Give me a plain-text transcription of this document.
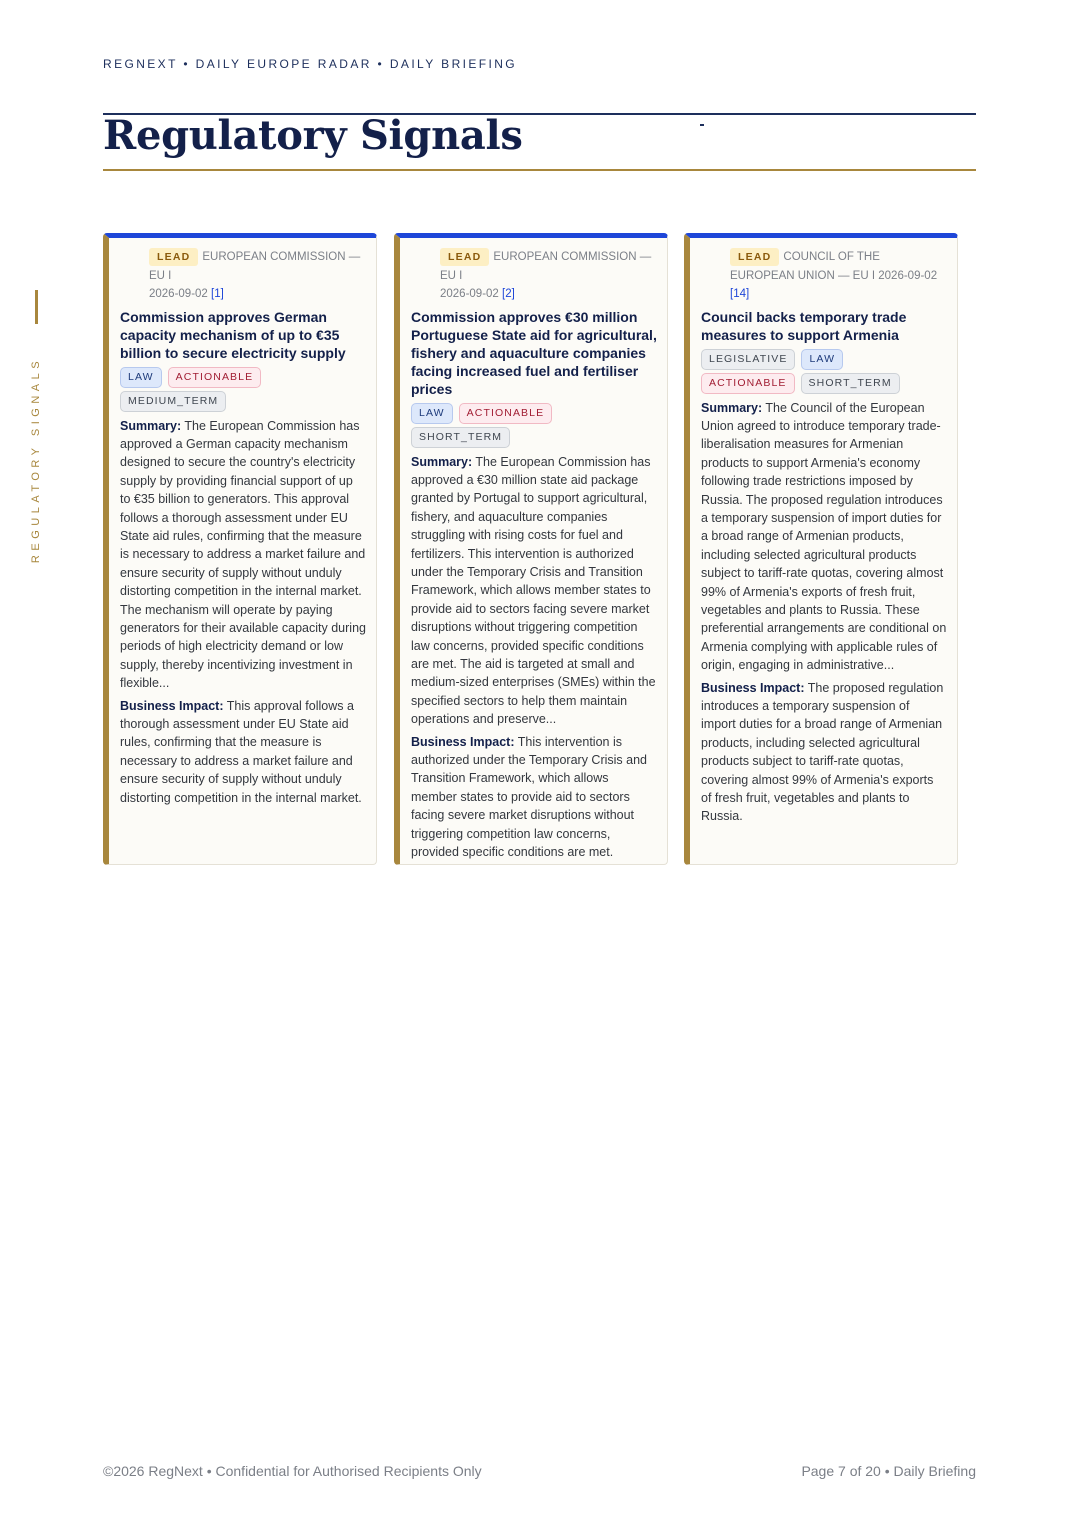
REGNEXT • DAILY EUROPE RADAR • DAILY BRIEFING
Regulatory Signals
REGULATORY SIGNALS
LEAD EUROPEAN COMMISSION — EU I
2026-09-02 [1]
Commission approves German capacity mechanism of up to €35 billion to secure electricity supply
LAW ACTIONABLEMEDIUM_TERM
Summary: The European Commission has approved a German capacity mechanism designed to secure the country's electricity supply by providing financial support of up to €35 billion to generators. This approval follows a thorough assessment under EU State aid rules, confirming that the measure is necessary to address a market failure and ensure security of supply without unduly distorting competition in the internal market. The mechanism will operate by paying generators for their available capacity during periods of high electricity demand or low supply, thereby incentivizing investment in flexible...
Business Impact: This approval follows a thorough assessment under EU State aid rules, confirming that the measure is necessary to address a market failure and ensure security of supply without unduly distorting competition in the internal market.
LEAD EUROPEAN COMMISSION — EU I
2026-09-02 [2]
Commission approves €30 million Portuguese State aid for agricultural, fishery and aquaculture companies facing increased fuel and fertiliser prices
LAW ACTIONABLESHORT_TERM
Summary: The European Commission has approved a €30 million state aid package granted by Portugal to support agricultural, fishery, and aquaculture companies struggling with rising costs for fuel and fertilizers. This intervention is authorized under the Temporary Crisis and Transition Framework, which allows member states to provide aid to sectors facing severe market disruptions without triggering competition law concerns, provided specific conditions are met. The aid is targeted at small and medium-sized enterprises (SMEs) within the specified sectors to help them maintain operations and preserve...
Business Impact: This intervention is authorized under the Temporary Crisis and Transition Framework, which allows member states to provide aid to sectors facing severe market disruptions without triggering competition law concerns, provided specific conditions are met.
LEAD COUNCIL OF THE EUROPEAN UNION — EU I 2026-09-02 [14]
Council backs temporary trade measures to support Armenia
LEGISLATIVE LAWACTIONABLE SHORT_TERM
Summary: The Council of the European Union agreed to introduce temporary trade-liberalisation measures for Armenian products to support Armenia's economy following trade restrictions imposed by Russia. The proposed regulation introduces a temporary suspension of import duties for a broad range of Armenian products, including selected agricultural products subject to tariff-rate quotas, covering almost 99% of Armenia's exports of fresh fruit, vegetables and plants to Russia. These preferential arrangements are conditional on Armenia complying with applicable rules of origin, engaging in administrative...
Business Impact: The proposed regulation introduces a temporary suspension of import duties for a broad range of Armenian products, including selected agricultural products subject to tariff-rate quotas, covering almost 99% of Armenia's exports of fresh fruit, vegetables and plants to Russia.
©2026 RegNext • Confidential for Authorised Recipients Only	Page 7 of 20 • Daily Briefing
